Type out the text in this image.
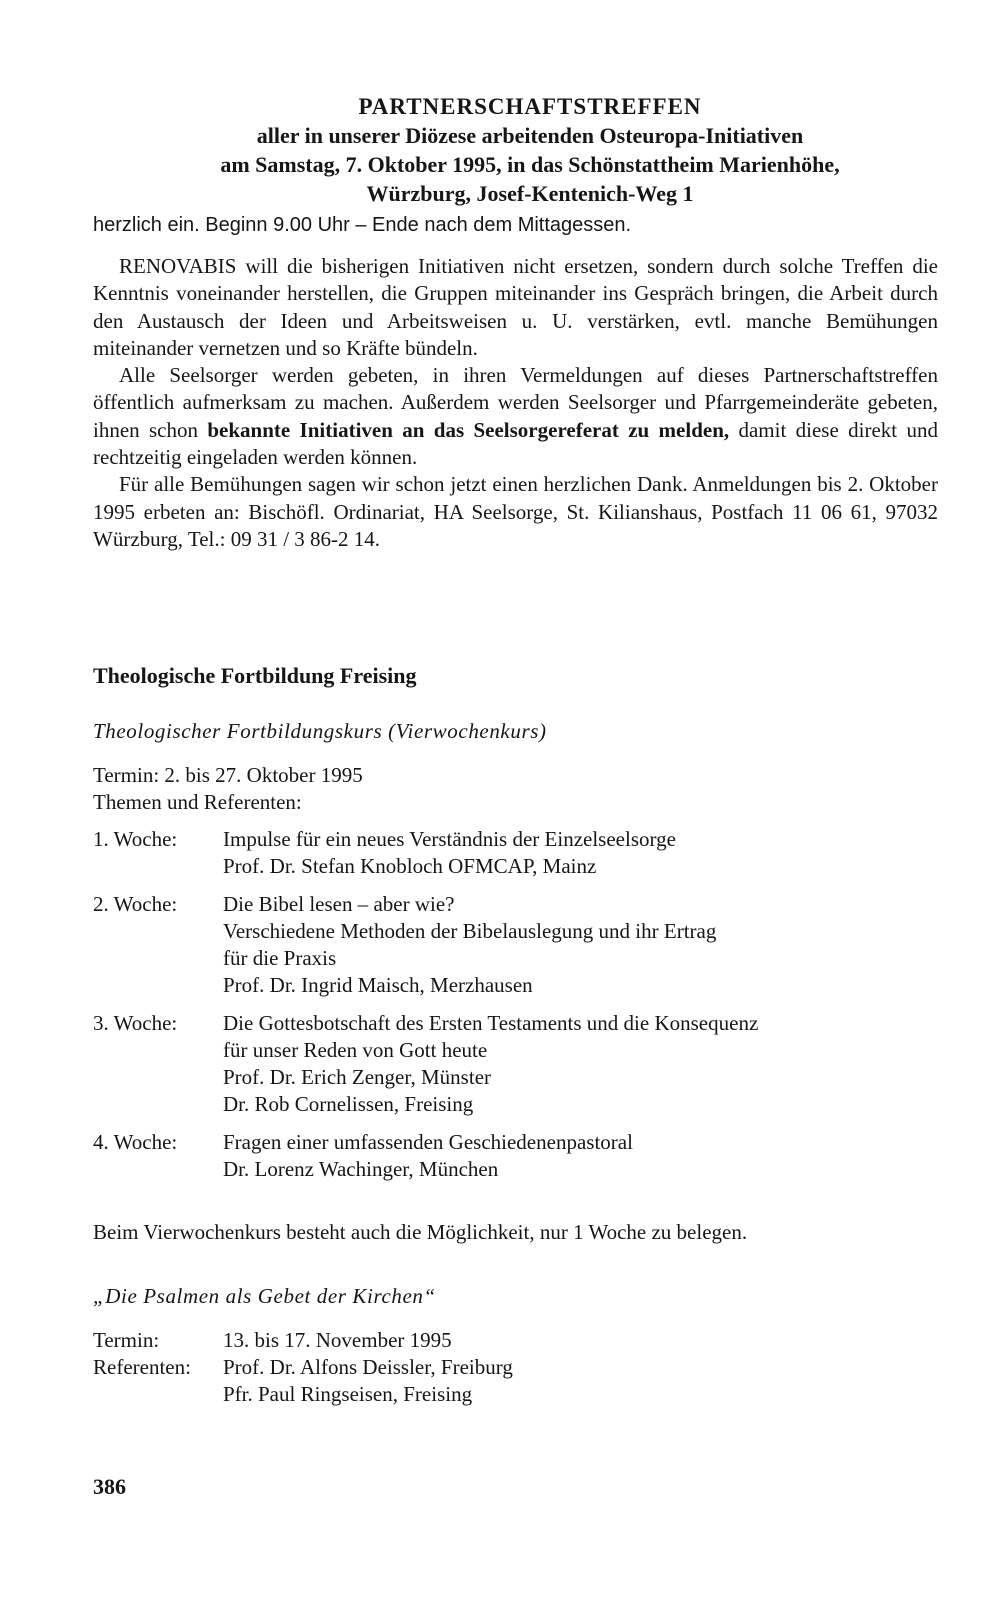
PARTNERSCHAFTSTREFFEN
aller in unserer Diözese arbeitenden Osteuropa-Initiativen
am Samstag, 7. Oktober 1995, in das Schönstattheim Marienhöhe,
Würzburg, Josef-Kentenich-Weg 1

herzlich ein. Beginn 9.00 Uhr – Ende nach dem Mittagessen.

RENOVABIS will die bisherigen Initiativen nicht ersetzen, sondern durch solche Treffen die Kenntnis voneinander herstellen, die Gruppen miteinander ins Gespräch bringen, die Arbeit durch den Austausch der Ideen und Arbeitsweisen u. U. verstärken, evtl. manche Bemühungen miteinander vernetzen und so Kräfte bündeln.

Alle Seelsorger werden gebeten, in ihren Vermeldungen auf dieses Partnerschaftstreffen öffentlich aufmerksam zu machen. Außerdem werden Seelsorger und Pfarrgemeinderäte gebeten, ihnen schon bekannte Initiativen an das Seelsorgereferat zu melden, damit diese direkt und rechtzeitig eingeladen werden können.

Für alle Bemühungen sagen wir schon jetzt einen herzlichen Dank. Anmeldungen bis 2. Oktober 1995 erbeten an: Bischöfl. Ordinariat, HA Seelsorge, St. Kilianshaus, Postfach 11 06 61, 97032 Würzburg, Tel.: 09 31 / 3 86-2 14.

Theologische Fortbildung Freising
Theologischer Fortbildungskurs (Vierwochenkurs)
Termin: 2. bis 27. Oktober 1995
Themen und Referenten:
1. Woche:	Impulse für ein neues Verständnis der Einzelseelsorge
Prof. Dr. Stefan Knobloch OFMCAP, Mainz
2. Woche:	Die Bibel lesen – aber wie?
Verschiedene Methoden der Bibelauslegung und ihr Ertrag
für die Praxis
Prof. Dr. Ingrid Maisch, Merzhausen
3. Woche:	Die Gottesbotschaft des Ersten Testaments und die Konsequenz
für unser Reden von Gott heute
Prof. Dr. Erich Zenger, Münster
Dr. Rob Cornelissen, Freising
4. Woche:	Fragen einer umfassenden Geschiedenenpastoral
Dr. Lorenz Wachinger, München
Beim Vierwochenkurs besteht auch die Möglichkeit, nur 1 Woche zu belegen.
„Die Psalmen als Gebet der Kirchen“
Termin:	13. bis 17. November 1995
Referenten:	Prof. Dr. Alfons Deissler, Freiburg
Pfr. Paul Ringseisen, Freising
386
